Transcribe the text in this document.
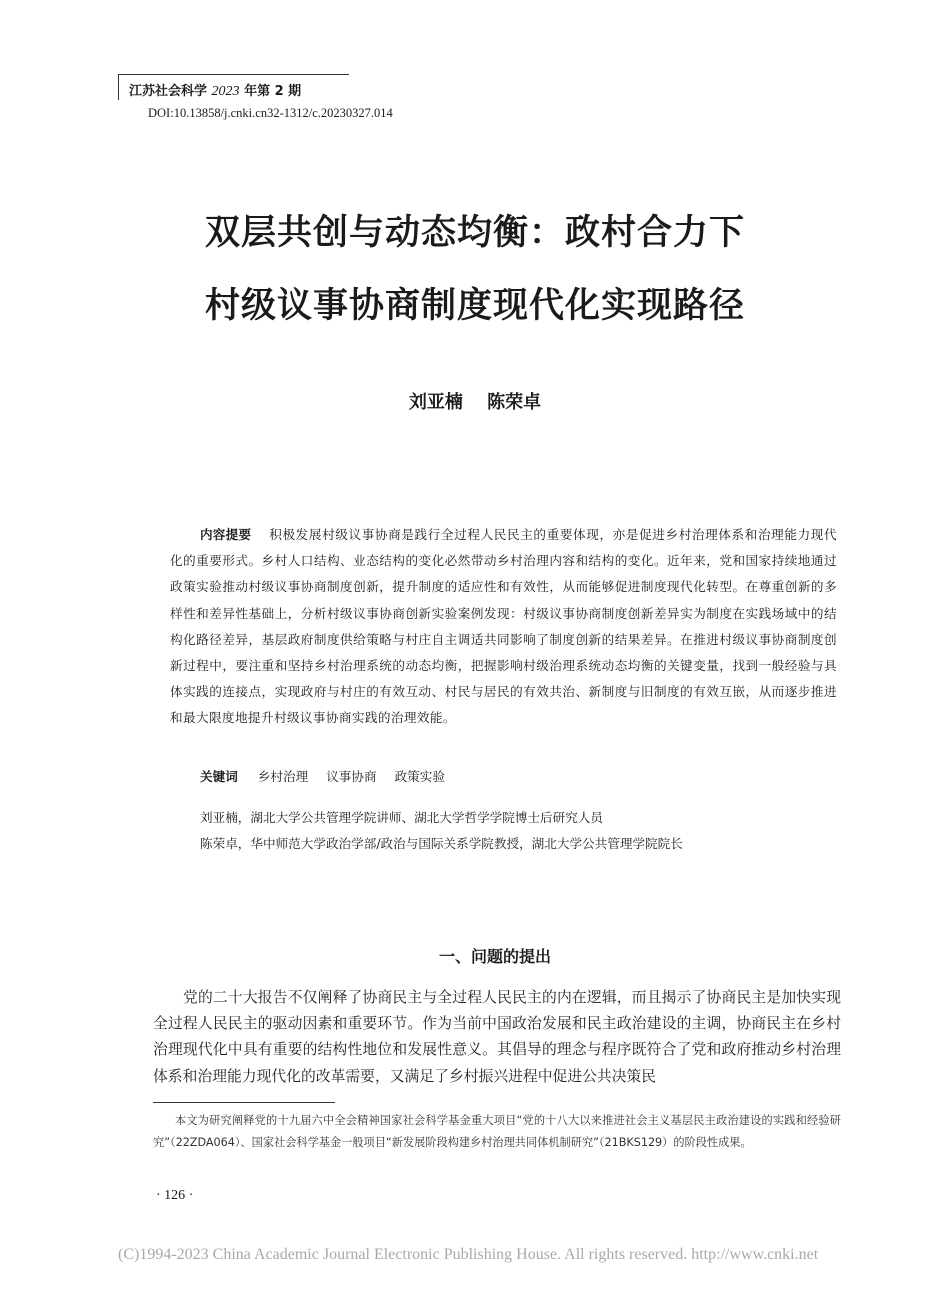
江苏社会科学 2023 年第 2 期
DOI:10.13858/j.cnki.cn32-1312/c.20230327.014
双层共创与动态均衡：政村合力下
村级议事协商制度现代化实现路径
刘亚楠　 陈荣卓
内容提要 积极发展村级议事协商是践行全过程人民民主的重要体现，亦是促进乡村治理体系和治理能力现代化的重要形式。乡村人口结构、业态结构的变化必然带动乡村治理内容和结构的变化。近年来，党和国家持续地通过政策实验推动村级议事协商制度创新，提升制度的适应性和有效性，从而能够促进制度现代化转型。在尊重创新的多样性和差异性基础上，分析村级议事协商创新实验案例发现：村级议事协商制度创新差异实为制度在实践场域中的结构化路径差异，基层政府制度供给策略与村庄自主调适共同影响了制度创新的结果差异。在推进村级议事协商制度创新过程中，要注重和坚持乡村治理系统的动态均衡，把握影响村级治理系统动态均衡的关键变量，找到一般经验与具体实践的连接点，实现政府与村庄的有效互动、村民与居民的有效共治、新制度与旧制度的有效互嵌，从而逐步推进和最大限度地提升村级议事协商实践的治理效能。
关键词 乡村治理 议事协商 政策实验
刘亚楠，湖北大学公共管理学院讲师、湖北大学哲学学院博士后研究人员
陈荣卓，华中师范大学政治学部/政治与国际关系学院教授，湖北大学公共管理学院院长
一、问题的提出

党的二十大报告不仅阐释了协商民主与全过程人民民主的内在逻辑，而且揭示了协商民主是加快实现全过程人民民主的驱动因素和重要环节。作为当前中国政治发展和民主政治建设的主调，协商民主在乡村治理现代化中具有重要的结构性地位和发展性意义。其倡导的理念与程序既符合了党和政府推动乡村治理体系和治理能力现代化的改革需要，又满足了乡村振兴进程中促进公共决策民

本文为研究阐释党的十九届六中全会精神国家社会科学基金重大项目“党的十八大以来推进社会主义基层民主政治建设的实践和经验研究”（22ZDA064）、国家社会科学基金一般项目“新发展阶段构建乡村治理共同体机制研究”（21BKS129）的阶段性成果。

· 126 ·
(C)1994-2023 China Academic Journal Electronic Publishing House. All rights reserved. http://www.cnki.net
